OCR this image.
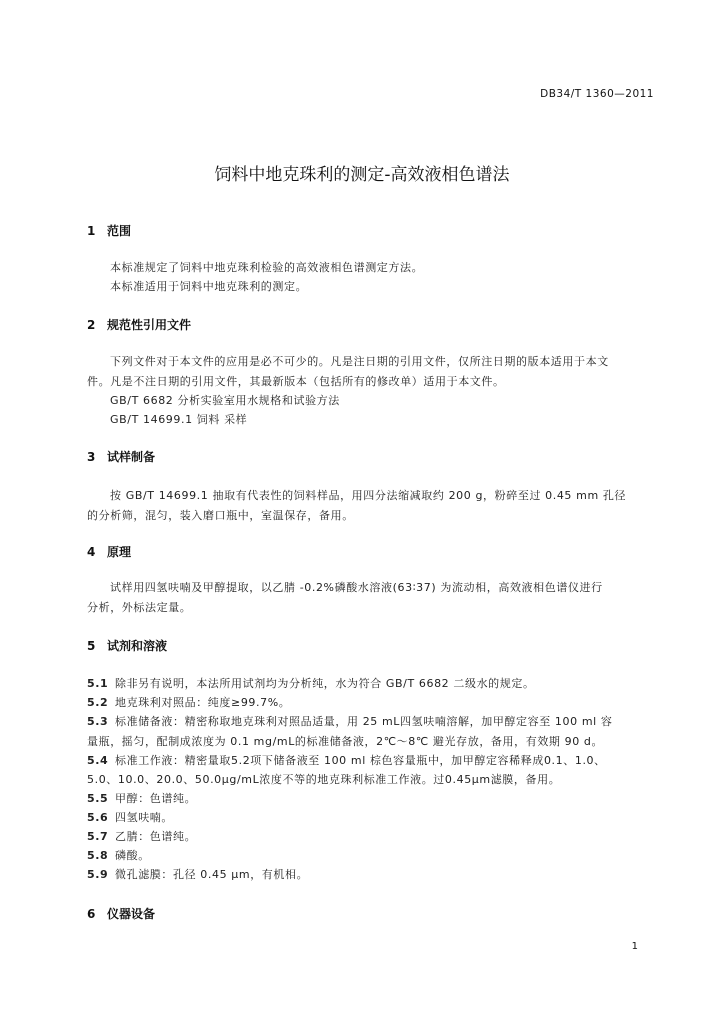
DB34/T 1360—2011
饲料中地克珠利的测定-高效液相色谱法
1 范围
本标准规定了饲料中地克珠利检验的高效液相色谱测定方法。
本标准适用于饲料中地克珠利的测定。
2 规范性引用文件
下列文件对于本文件的应用是必不可少的。凡是注日期的引用文件，仅所注日期的版本适用于本文
件。凡是不注日期的引用文件，其最新版本（包括所有的修改单）适用于本文件。
GB/T 6682 分析实验室用水规格和试验方法
GB/T 14699.1 饲料 采样
3 试样制备
按 GB/T 14699.1 抽取有代表性的饲料样品，用四分法缩减取约 200 g，粉碎至过 0.45 mm 孔径
的分析筛，混匀，装入磨口瓶中，室温保存，备用。
4 原理
试样用四氢呋喃及甲醇提取，以乙腈 -0.2%磷酸水溶液(63∶37) 为流动相，高效液相色谱仪进行
分析，外标法定量。
5 试剂和溶液
5.1 除非另有说明，本法所用试剂均为分析纯，水为符合 GB/T 6682 二级水的规定。
5.2 地克珠利对照品：纯度≥99.7%。
5.3 标准储备液：精密称取地克珠利对照品适量，用 25 mL四氢呋喃溶解，加甲醇定容至 100 ml 容
量瓶，摇匀，配制成浓度为 0.1 mg/mL的标准储备液，2℃～8℃ 避光存放，备用，有效期 90 d。
5.4 标准工作液：精密量取5.2项下储备液至 100 ml 棕色容量瓶中，加甲醇定容稀释成0.1、1.0、
5.0、10.0、20.0、50.0μg/mL浓度不等的地克珠利标准工作液。过0.45μm滤膜，备用。
5.5 甲醇：色谱纯。
5.6 四氢呋喃。
5.7 乙腈：色谱纯。
5.8 磷酸。
5.9 微孔滤膜：孔径 0.45 μm，有机相。
6 仪器设备
1
